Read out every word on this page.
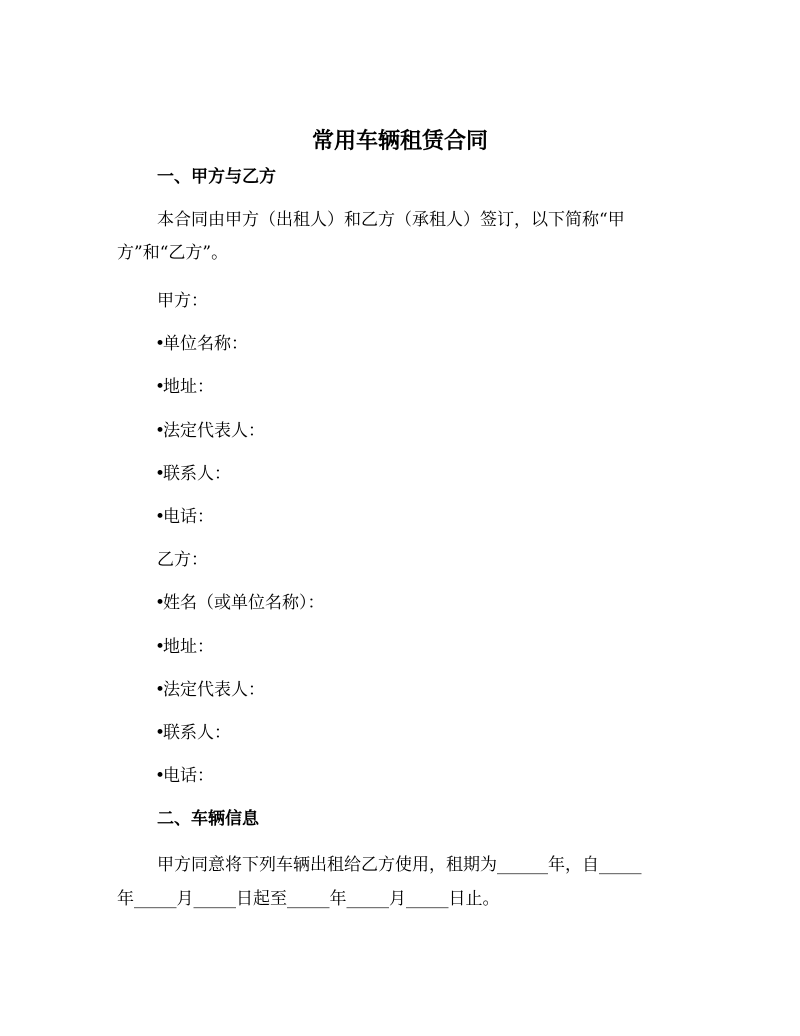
常用车辆租赁合同
一、甲方与乙方
本合同由甲方（出租人）和乙方（承租人）签订，以下简称“甲
方”和“乙方”。
甲方：
•单位名称：
•地址：
•法定代表人：
•联系人：
•电话：
乙方：
•姓名（或单位名称）：
•地址：
•法定代表人：
•联系人：
•电话：
二、车辆信息
甲方同意将下列车辆出租给乙方使用，租期为______年，自_____
年_____月_____日起至_____年_____月_____日止。
